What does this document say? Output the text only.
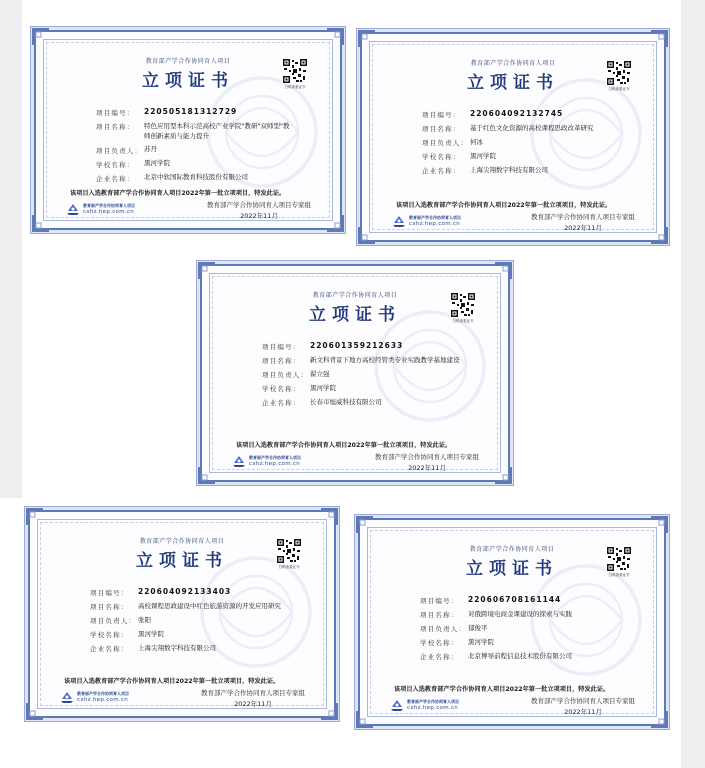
教育部产学合作协同育人项目
立项证书	扫码查看证书
项目编号：	220505181312729
项目名称：	特色应用型本科示范高校产业学院"教研"双师型"教师创新素质与能力提升
项目负责人： 苏丹
学校名称：	黑河学院
企业名称：	北京中软国际教育科技股份有限公司
该项目入选教育部产学合作协同育人项目2022年第一批立项项目，特发此证。
教育部产学合作协同育人项目
cxhz.hep.com.cn
教育部产学合作协同育人项目专家组
2022年11月
教育部产学合作协同育人项目
立项证书	扫码查看证书
项目编号：	220604092132745
项目名称：	基于红色文化资源的高校课程思政改革研究
项目负责人： 何冰
学校名称：	黑河学院
企业名称：	上海尖翔数字科技有限公司
该项目入选教育部产学合作协同育人项目2022年第一批立项项目，特发此证。
教育部产学合作协同育人项目
cxhz.hep.com.cn
教育部产学合作协同育人项目专家组
2022年11月
教育部产学合作协同育人项目
立项证书	扫码查看证书
项目编号：	220601359212633
项目名称：	新文科背景下地方高校经管类专业实践教学基地建设
项目负责人： 翟立强
学校名称：	黑河学院
企业名称：	长春市旭威科技有限公司
该项目入选教育部产学合作协同育人项目2022年第一批立项项目，特发此证。
教育部产学合作协同育人项目
cxhz.hep.com.cn
教育部产学合作协同育人项目专家组
2022年11月
教育部产学合作协同育人项目
立项证书	扫码查看证书
项目编号：	220604092133403
项目名称：	高校课程思政建设中红色旅游资源的开发应用研究
项目负责人： 张阳
学校名称：	黑河学院
企业名称：	上海尖翔数字科技有限公司
该项目入选教育部产学合作协同育人项目2022年第一批立项项目，特发此证。
教育部产学合作协同育人项目
cxhz.hep.com.cn
教育部产学合作协同育人项目专家组
2022年11月
教育部产学合作协同育人项目
立项证书	扫码查看证书
项目编号：	220606708161144
项目名称：	对俄跨境电商金课建设的探索与实践
项目负责人： 郁俊平
学校名称：	黑河学院
企业名称：	北京博导前程信息技术股份有限公司
该项目入选教育部产学合作协同育人项目2022年第一批立项项目，特发此证。
教育部产学合作协同育人项目
cxhz.hep.com.cn
教育部产学合作协同育人项目专家组
2022年11月
